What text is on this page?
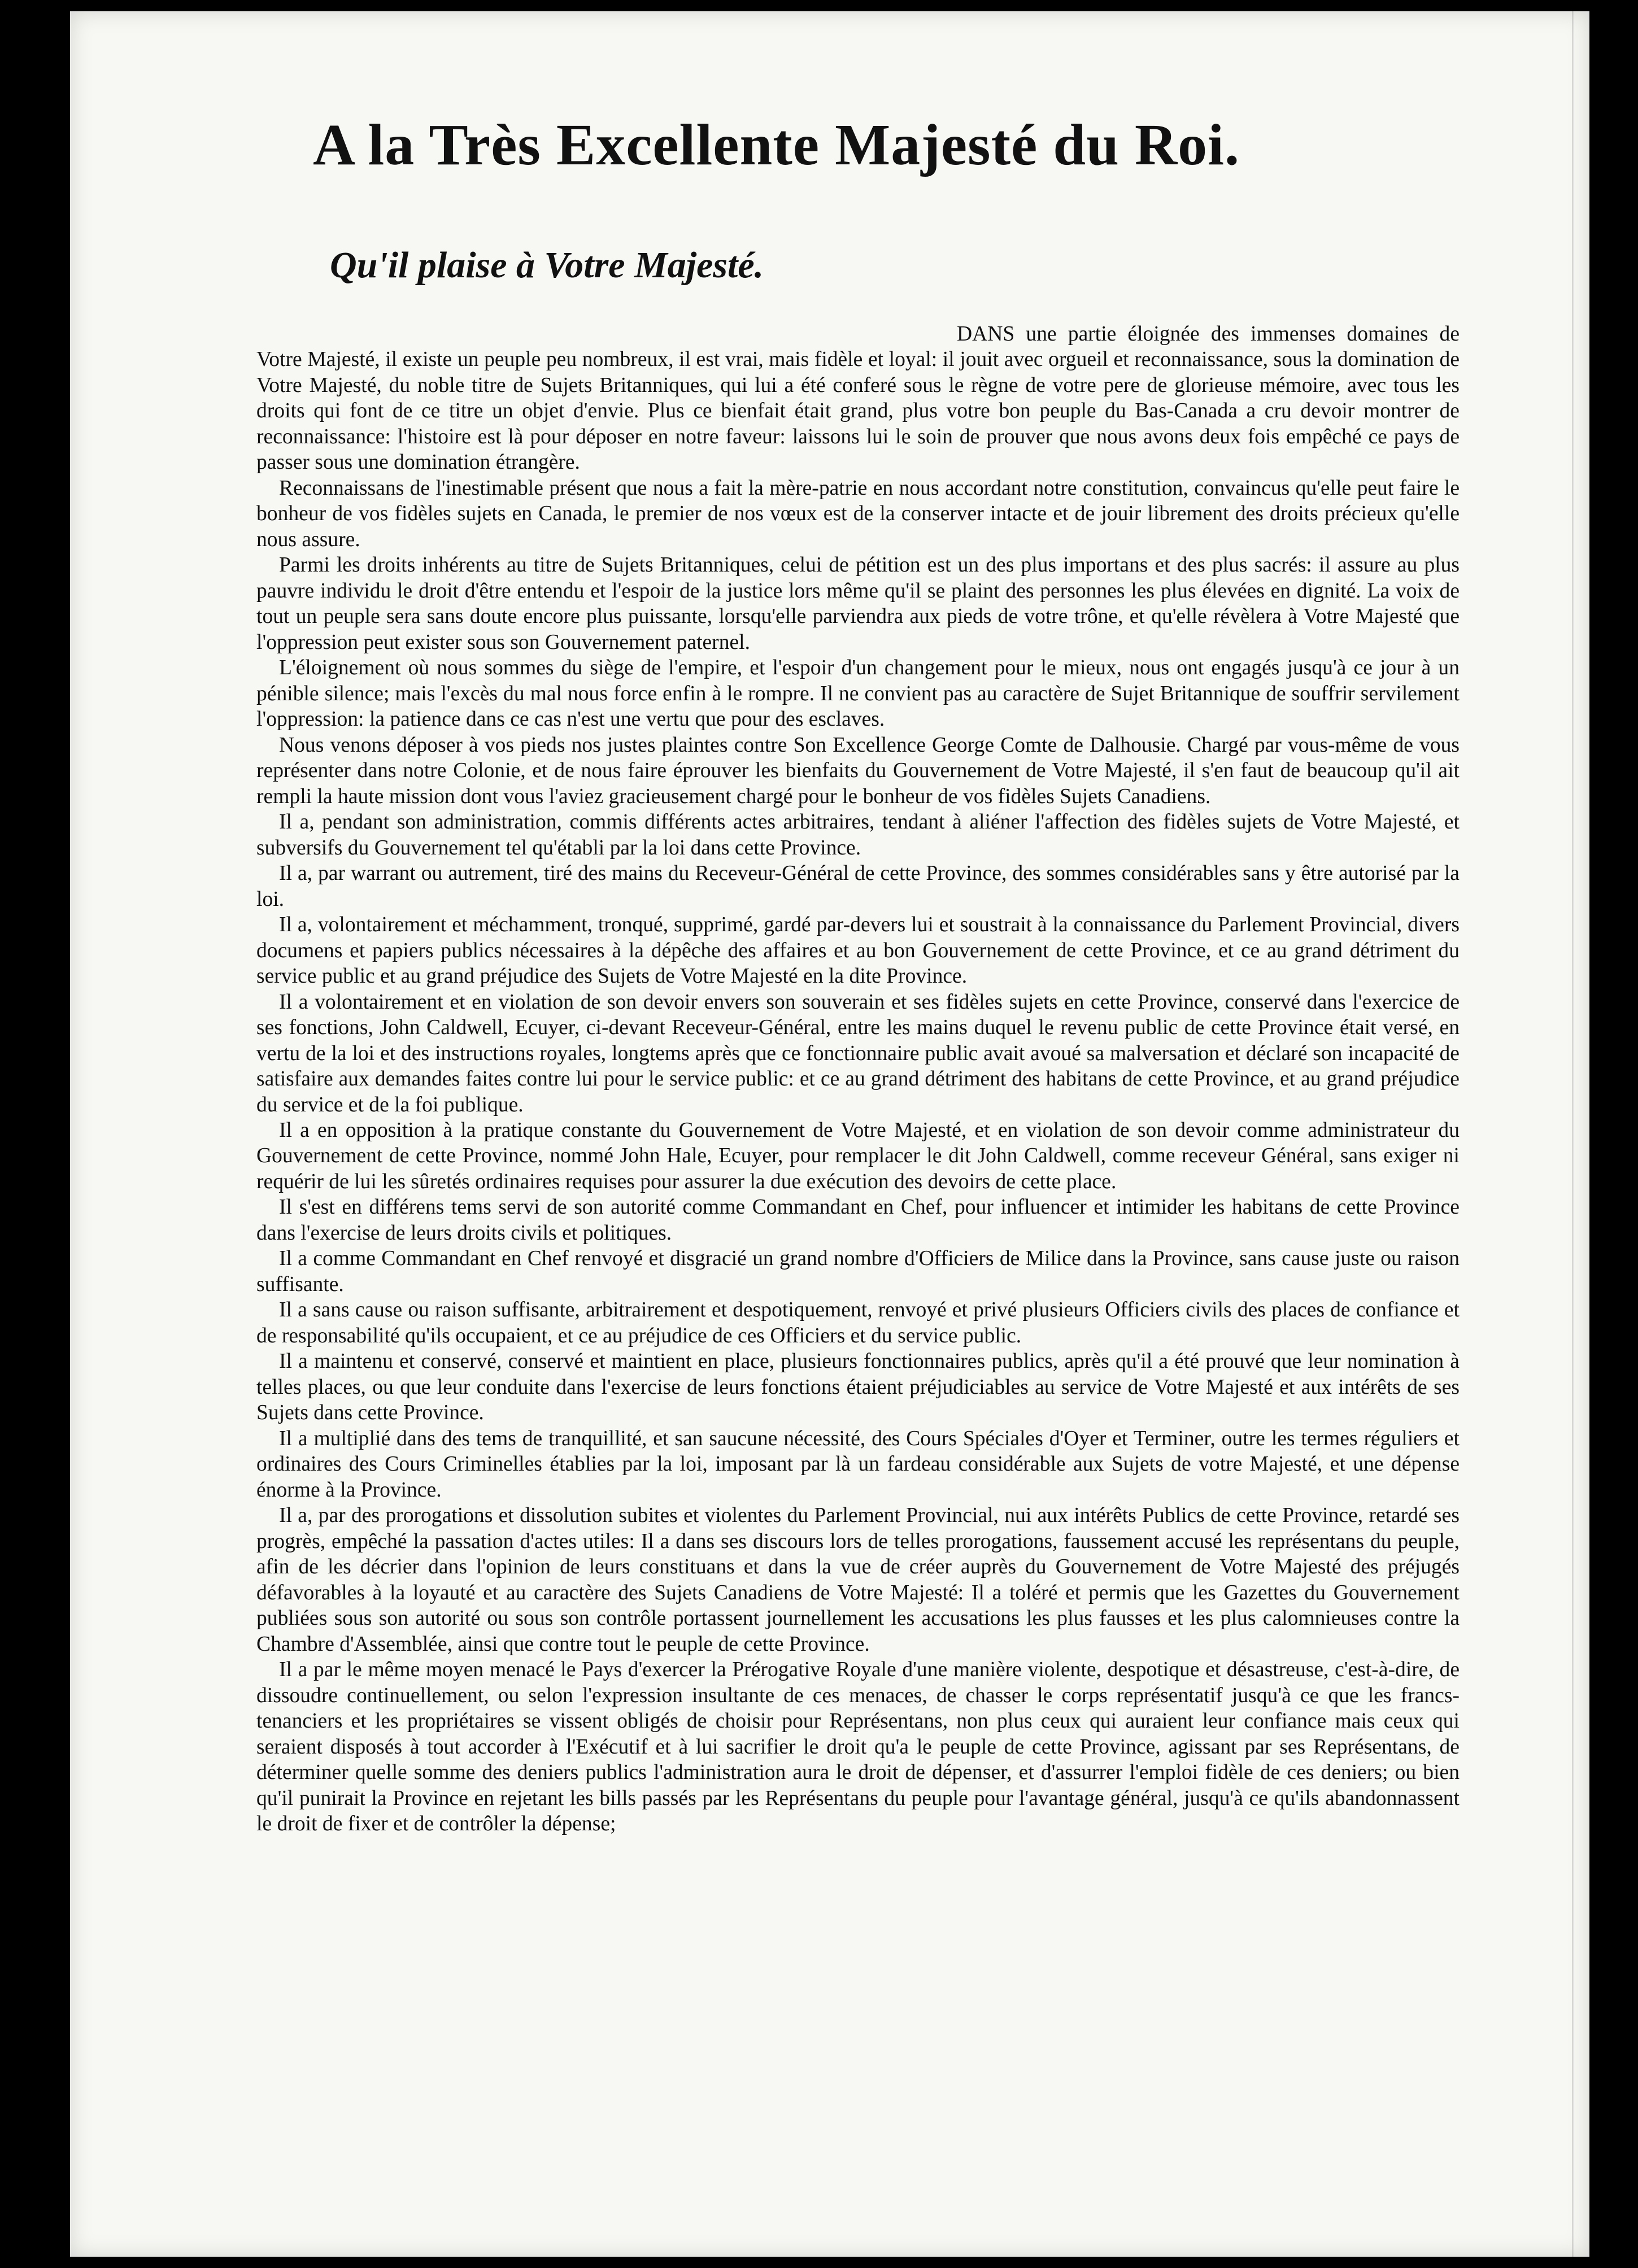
A la Très Excellente Majesté du Roi.
Qu'il plaise à Votre Majesté.

DANS une partie éloignée des immenses domaines de Votre Majesté, il existe un peuple peu nombreux, il est vrai, mais fidèle et loyal: il jouit avec orgueil et reconnaissance, sous la domination de Votre Majesté, du noble titre de Sujets Britanniques, qui lui a été conferé sous le règne de votre pere de glorieuse mémoire, avec tous les droits qui font de ce titre un objet d'envie. Plus ce bienfait était grand, plus votre bon peuple du Bas-Canada a cru devoir montrer de reconnaissance: l'histoire est là pour déposer en notre faveur: laissons lui le soin de prouver que nous avons deux fois empêché ce pays de passer sous une domination étrangère.

Reconnaissans de l'inestimable présent que nous a fait la mère-patrie en nous accordant notre constitution, convaincus qu'elle peut faire le bonheur de vos fidèles sujets en Canada, le premier de nos vœux est de la conserver intacte et de jouir librement des droits précieux qu'elle nous assure.

Parmi les droits inhérents au titre de Sujets Britanniques, celui de pétition est un des plus importans et des plus sacrés: il assure au plus pauvre individu le droit d'être entendu et l'espoir de la justice lors même qu'il se plaint des personnes les plus élevées en dignité. La voix de tout un peuple sera sans doute encore plus puissante, lorsqu'elle parviendra aux pieds de votre trône, et qu'elle révèlera à Votre Majesté que l'oppression peut exister sous son Gouvernement paternel.

L'éloignement où nous sommes du siège de l'empire, et l'espoir d'un changement pour le mieux, nous ont engagés jusqu'à ce jour à un pénible silence; mais l'excès du mal nous force enfin à le rompre. Il ne convient pas au caractère de Sujet Britannique de souffrir servilement l'oppression: la patience dans ce cas n'est une vertu que pour des esclaves.

Nous venons déposer à vos pieds nos justes plaintes contre Son Excellence George Comte de Dalhousie. Chargé par vous-même de vous représenter dans notre Colonie, et de nous faire éprouver les bienfaits du Gouvernement de Votre Majesté, il s'en faut de beaucoup qu'il ait rempli la haute mission dont vous l'aviez gracieusement chargé pour le bonheur de vos fidèles Sujets Canadiens.

Il a, pendant son administration, commis différents actes arbitraires, tendant à aliéner l'affection des fidèles sujets de Votre Majesté, et subversifs du Gouvernement tel qu'établi par la loi dans cette Province.

Il a, par warrant ou autrement, tiré des mains du Receveur-Général de cette Province, des sommes considérables sans y être autorisé par la loi.

Il a, volontairement et méchamment, tronqué, supprimé, gardé par-devers lui et soustrait à la connaissance du Parlement Provincial, divers documens et papiers publics nécessaires à la dépêche des affaires et au bon Gouvernement de cette Province, et ce au grand détriment du service public et au grand préjudice des Sujets de Votre Majesté en la dite Province.

Il a volontairement et en violation de son devoir envers son souverain et ses fidèles sujets en cette Province, conservé dans l'exercice de ses fonctions, John Caldwell, Ecuyer, ci-devant Receveur-Général, entre les mains duquel le revenu public de cette Province était versé, en vertu de la loi et des instructions royales, longtems après que ce fonctionnaire public avait avoué sa malversation et déclaré son incapacité de satisfaire aux demandes faites contre lui pour le service public: et ce au grand détriment des habitans de cette Province, et au grand préjudice du service et de la foi publique.

Il a en opposition à la pratique constante du Gouvernement de Votre Majesté, et en violation de son devoir comme administrateur du Gouvernement de cette Province, nommé John Hale, Ecuyer, pour remplacer le dit John Caldwell, comme receveur Général, sans exiger ni requérir de lui les sûretés ordinaires requises pour assurer la due exécution des devoirs de cette place.

Il s'est en différens tems servi de son autorité comme Commandant en Chef, pour influencer et intimider les habitans de cette Province dans l'exercise de leurs droits civils et politiques.

Il a comme Commandant en Chef renvoyé et disgracié un grand nombre d'Officiers de Milice dans la Province, sans cause juste ou raison suffisante.

Il a sans cause ou raison suffisante, arbitrairement et despotiquement, renvoyé et privé plusieurs Officiers civils des places de confiance et de responsabilité qu'ils occupaient, et ce au préjudice de ces Officiers et du service public.

Il a maintenu et conservé, conservé et maintient en place, plusieurs fonctionnaires publics, après qu'il a été prouvé que leur nomination à telles places, ou que leur conduite dans l'exercise de leurs fonctions étaient préjudiciables au service de Votre Majesté et aux intérêts de ses Sujets dans cette Province.

Il a multiplié dans des tems de tranquillité, et san saucune nécessité, des Cours Spéciales d'Oyer et Terminer, outre les termes réguliers et ordinaires des Cours Criminelles établies par la loi, imposant par là un fardeau considérable aux Sujets de votre Majesté, et une dépense énorme à la Province.

Il a, par des prorogations et dissolution subites et violentes du Parlement Provincial, nui aux intérêts Publics de cette Province, retardé ses progrès, empêché la passation d'actes utiles: Il a dans ses discours lors de telles prorogations, faussement accusé les représentans du peuple, afin de les décrier dans l'opinion de leurs constituans et dans la vue de créer auprès du Gouvernement de Votre Majesté des préjugés défavorables à la loyauté et au caractère des Sujets Canadiens de Votre Majesté: Il a toléré et permis que les Gazettes du Gouvernement publiées sous son autorité ou sous son contrôle portassent journellement les accusations les plus fausses et les plus calomnieuses contre la Chambre d'Assemblée, ainsi que contre tout le peuple de cette Province.

Il a par le même moyen menacé le Pays d'exercer la Prérogative Royale d'une manière violente, despotique et désastreuse, c'est-à-dire, de dissoudre continuellement, ou selon l'expression insultante de ces menaces, de chasser le corps représentatif jusqu'à ce que les francs-tenanciers et les propriétaires se vissent obligés de choisir pour Représentans, non plus ceux qui auraient leur confiance mais ceux qui seraient disposés à tout accorder à l'Exécutif et à lui sacrifier le droit qu'a le peuple de cette Province, agissant par ses Représentans, de déterminer quelle somme des deniers publics l'administration aura le droit de dépenser, et d'assurrer l'emploi fidèle de ces deniers; ou bien qu'il punirait la Province en rejetant les bills passés par les Représentans du peuple pour l'avantage général, jusqu'à ce qu'ils abandonnassent le droit de fixer et de contrôler la dépense;
